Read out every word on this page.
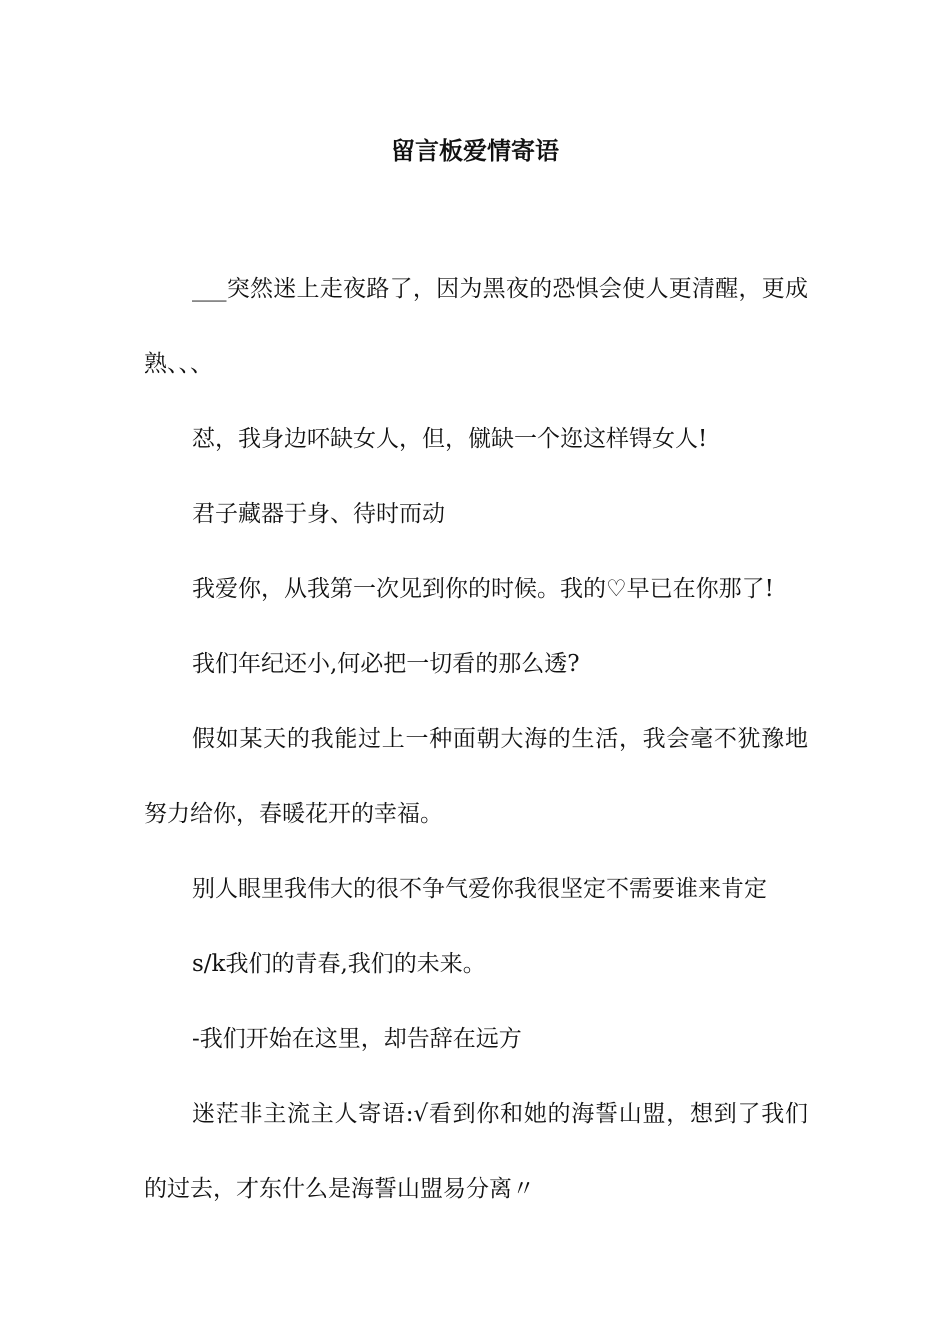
留言板爱情寄语

___突然迷上走夜路了，因为黑夜的恐惧会使人更清醒，更成熟、、、

怼，我身边吥缺女人，但，僦缺一个迩这样锝女人!

君子藏器于身、待时而动

我爱你，从我第一次见到你的时候。我的♡早已在你那了!

我们年纪还小,何必把一切看的那么透?

假如某天的我能过上一种面朝大海的生活，我会毫不犹豫地努力给你，春暖花开的幸福。

别人眼里我伟大的很不争气爱你我很坚定不需要谁来肯定

s/k我们的青春,我们的未来。

-我们开始在这里，却告辞在远方

迷茫非主流主人寄语:√看到你和她的海誓山盟，想到了我们的过去，才东什么是海誓山盟易分离〃
